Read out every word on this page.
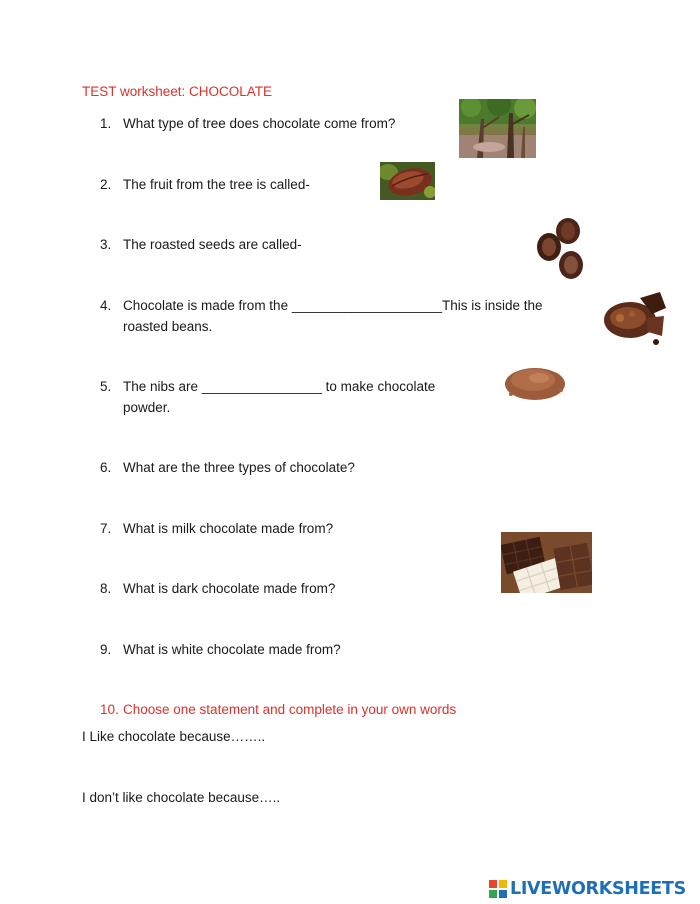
TEST worksheet: CHOCOLATE
1. What type of tree does chocolate come from?
2. The fruit from the tree is called-
3. The roasted seeds are called-
4. Chocolate is made from the ____________________This is inside the
roasted beans.
5. The nibs are ________________ to make chocolate
powder.
6. What are the three types of chocolate?
7. What is milk chocolate made from?
8. What is dark chocolate made from?
9. What is white chocolate made from?
10. Choose one statement and complete in your own words
I Like chocolate because……..
I don’t like chocolate because…..
LIVEWORKSHEETS
